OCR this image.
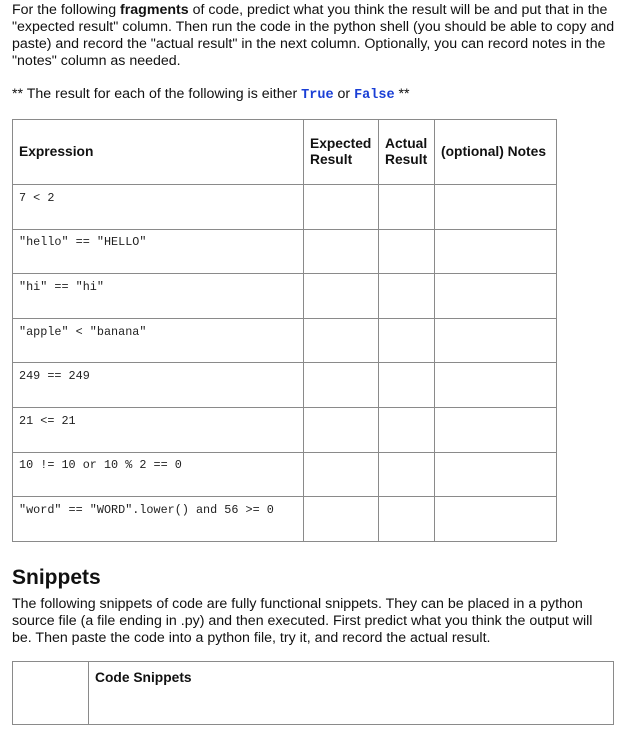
For the following fragments of code, predict what you think the result will be and put that in the "expected result" column. Then run the code in the python shell (you should be able to copy and paste) and record the "actual result" in the next column. Optionally, you can record notes in the "notes" column as needed.
** The result for each of the following is either True or False **
Expression	Expected Result	Actual Result	(optional) Notes
$^{7 < 2}$			
$^{"hello" == "HELLO"}$			
$^{"hi" == "hi"}$			
$^{"apple" < "banana"}$			
$^{249 == 249}$			
$^{21 <= 21}$			
$^{10 != 10 or 10 \% 2 == 0}$			
$^{"word" == "WORD".lower() and 56 >= 0}$			
Snippets
The following snippets of code are fully functional snippets. They can be placed in a python source file (a file ending in .py) and then executed. First predict what you think the output will be. Then paste the code into a python file, try it, and record the actual result.
	Code Snippets
